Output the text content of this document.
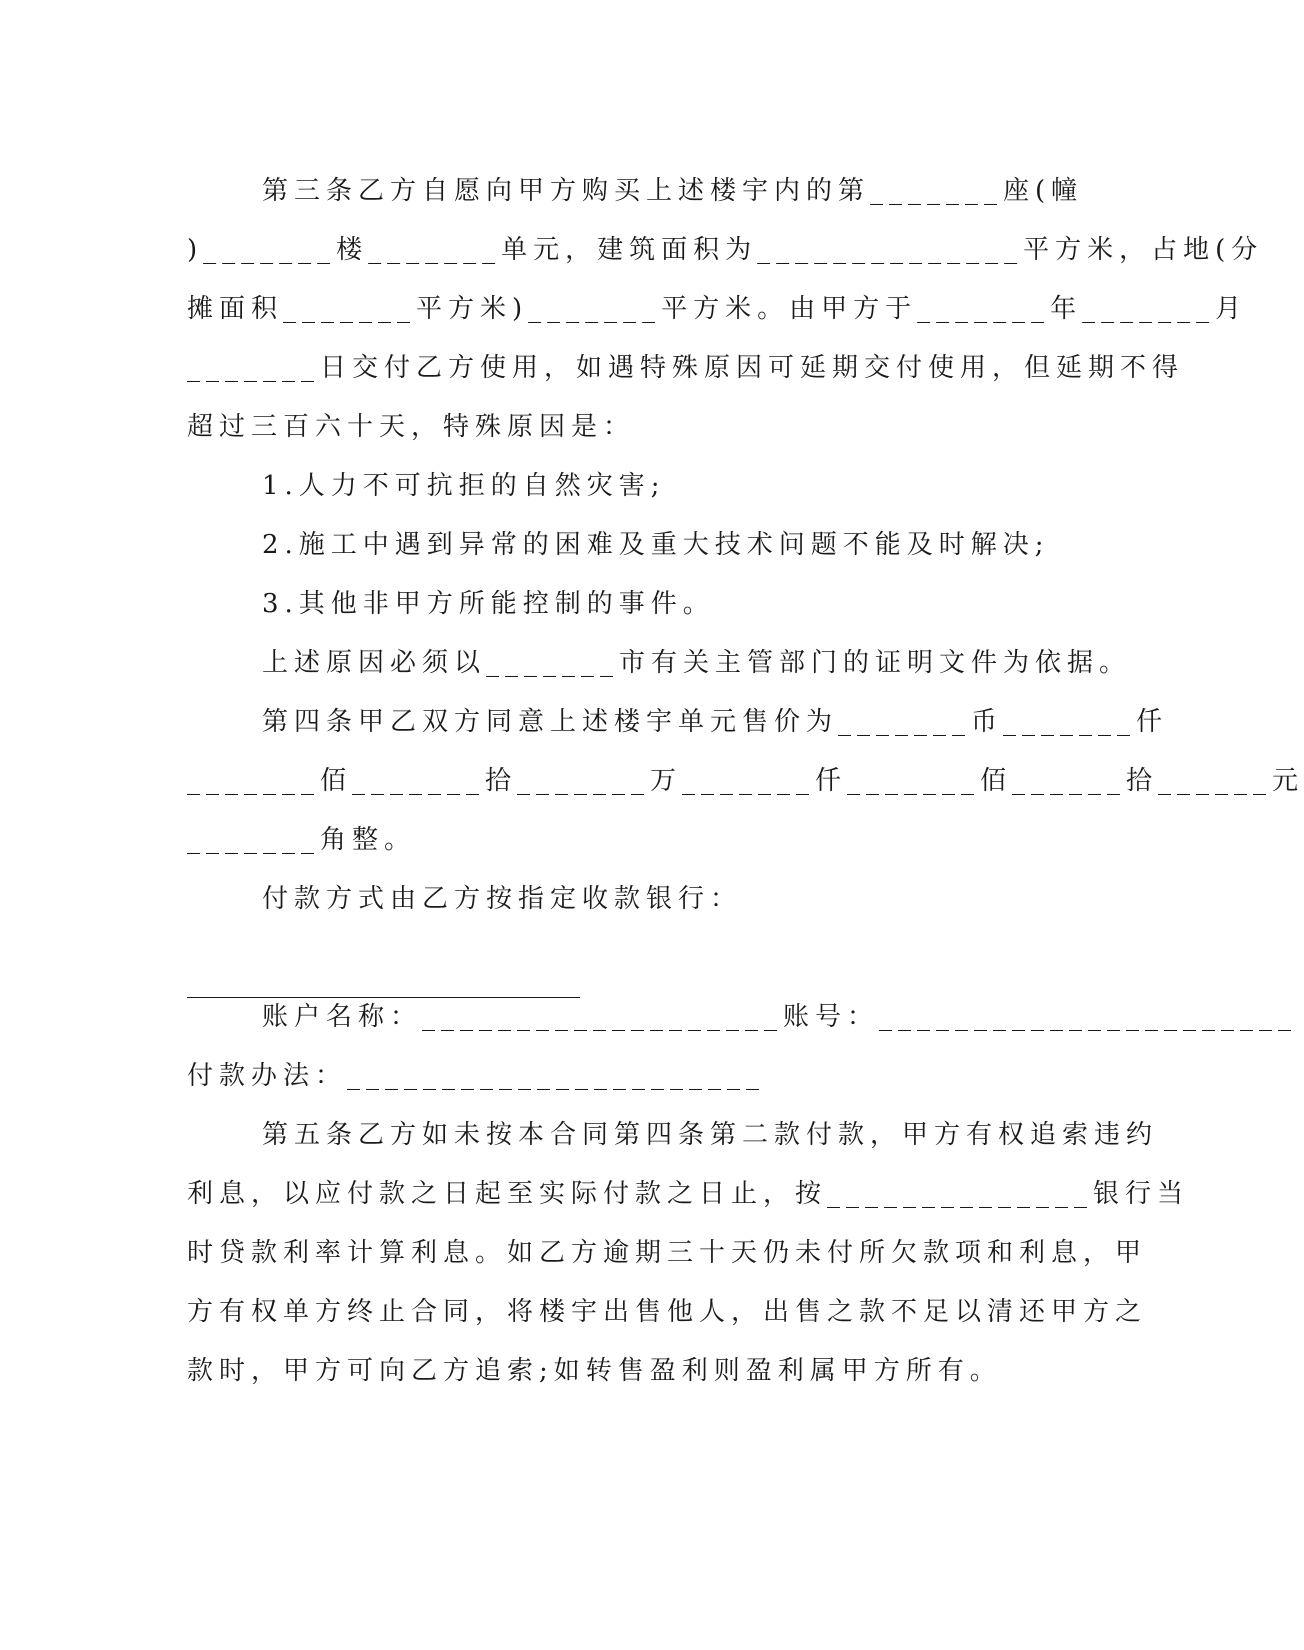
第三条乙方自愿向甲方购买上述楼宇内的第_______座(幢
)_______楼_______单元，建筑面积为______________平方米，占地(分
摊面积_______平方米)_______平方米。由甲方于_______年_______月
_______日交付乙方使用，如遇特殊原因可延期交付使用，但延期不得
超过三百六十天，特殊原因是：
1.人力不可抗拒的自然灾害;
2.施工中遇到异常的困难及重大技术问题不能及时解决;
3.其他非甲方所能控制的事件。
上述原因必须以_______市有关主管部门的证明文件为依据。
第四条甲乙双方同意上述楼宇单元售价为_______币_______仟
_______佰_______拾_______万_______仟_______佰______拾______元
_______角整。
付款方式由乙方按指定收款银行：
账户名称：___________________账号：______________________
付款办法：______________________
第五条乙方如未按本合同第四条第二款付款，甲方有权追索违约
利息，以应付款之日起至实际付款之日止，按______________银行当
时贷款利率计算利息。如乙方逾期三十天仍未付所欠款项和利息，甲
方有权单方终止合同，将楼宇出售他人，出售之款不足以清还甲方之
款时，甲方可向乙方追索;如转售盈利则盈利属甲方所有。
